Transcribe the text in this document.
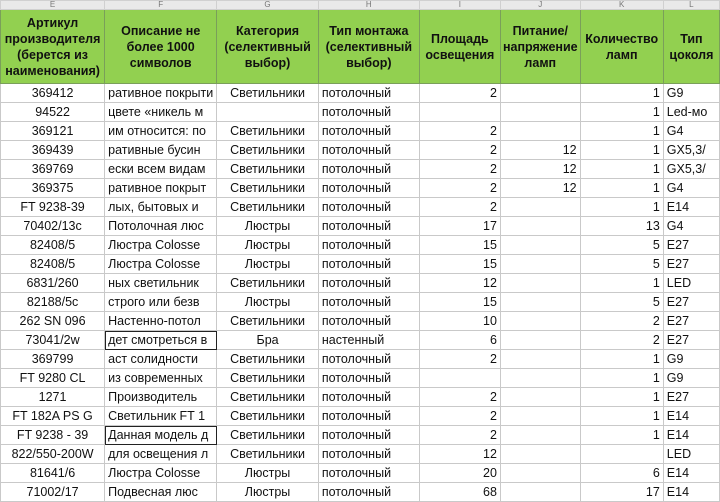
E	F	G	H	I	J	K	L
Артикул производителя (берется из наименования)	Описание не более 1000 символов	Категория (селективный выбор)	Тип монтажа (селективный выбор)	Площадь освещения	Питание/напряжение ламп	Количество ламп	Тип цоколя
369412	ративное покрыти	Светильники	потолочный	2		1	G9
94522	цвете «никель м		потолочный			1	Led-мо
369121	им относится: по	Светильники	потолочный	2		1	G4
369439	ративные бусин	Светильники	потолочный	2	12	1	GX5,3/
369769	ески всем видам	Светильники	потолочный	2	12	1	GX5,3/
369375	ративное покрыт	Светильники	потолочный	2	12	1	G4
FT 9238-39	лых, бытовых и	Светильники	потолочный	2		1	E14
70402/13c	Потолочная люс	Люстры	потолочный	17		13	G4
82408/5	Люстра Colosse	Люстры	потолочный	15		5	E27
82408/5	Люстра Colosse	Люстры	потолочный	15		5	E27
6831/260	ных светильник	Светильники	потолочный	12		1	LED
82188/5c	строго или безв	Люстры	потолочный	15		5	E27
262 SN 096	Настенно-потол	Светильники	потолочный	10		2	E27
73041/2w	дет смотреться в	Бра	настенный	6		2	E27
369799	аст солидности	Светильники	потолочный	2		1	G9
FT 9280 CL	из современных	Светильники	потолочный			1	G9
1271	Производитель	Светильники	потолочный	2		1	E27
FT 182A PS G	Светильник FT 1	Светильники	потолочный	2		1	E14
FT 9238 - 39	Данная модель д	Светильники	потолочный	2		1	E14
822/550-200W	для освещения л	Светильники	потолочный	12			LED
81641/6	Люстра Colosse	Люстры	потолочный	20		6	E14
71002/17	Подвесная люс	Люстры	потолочный	68		17	E14
